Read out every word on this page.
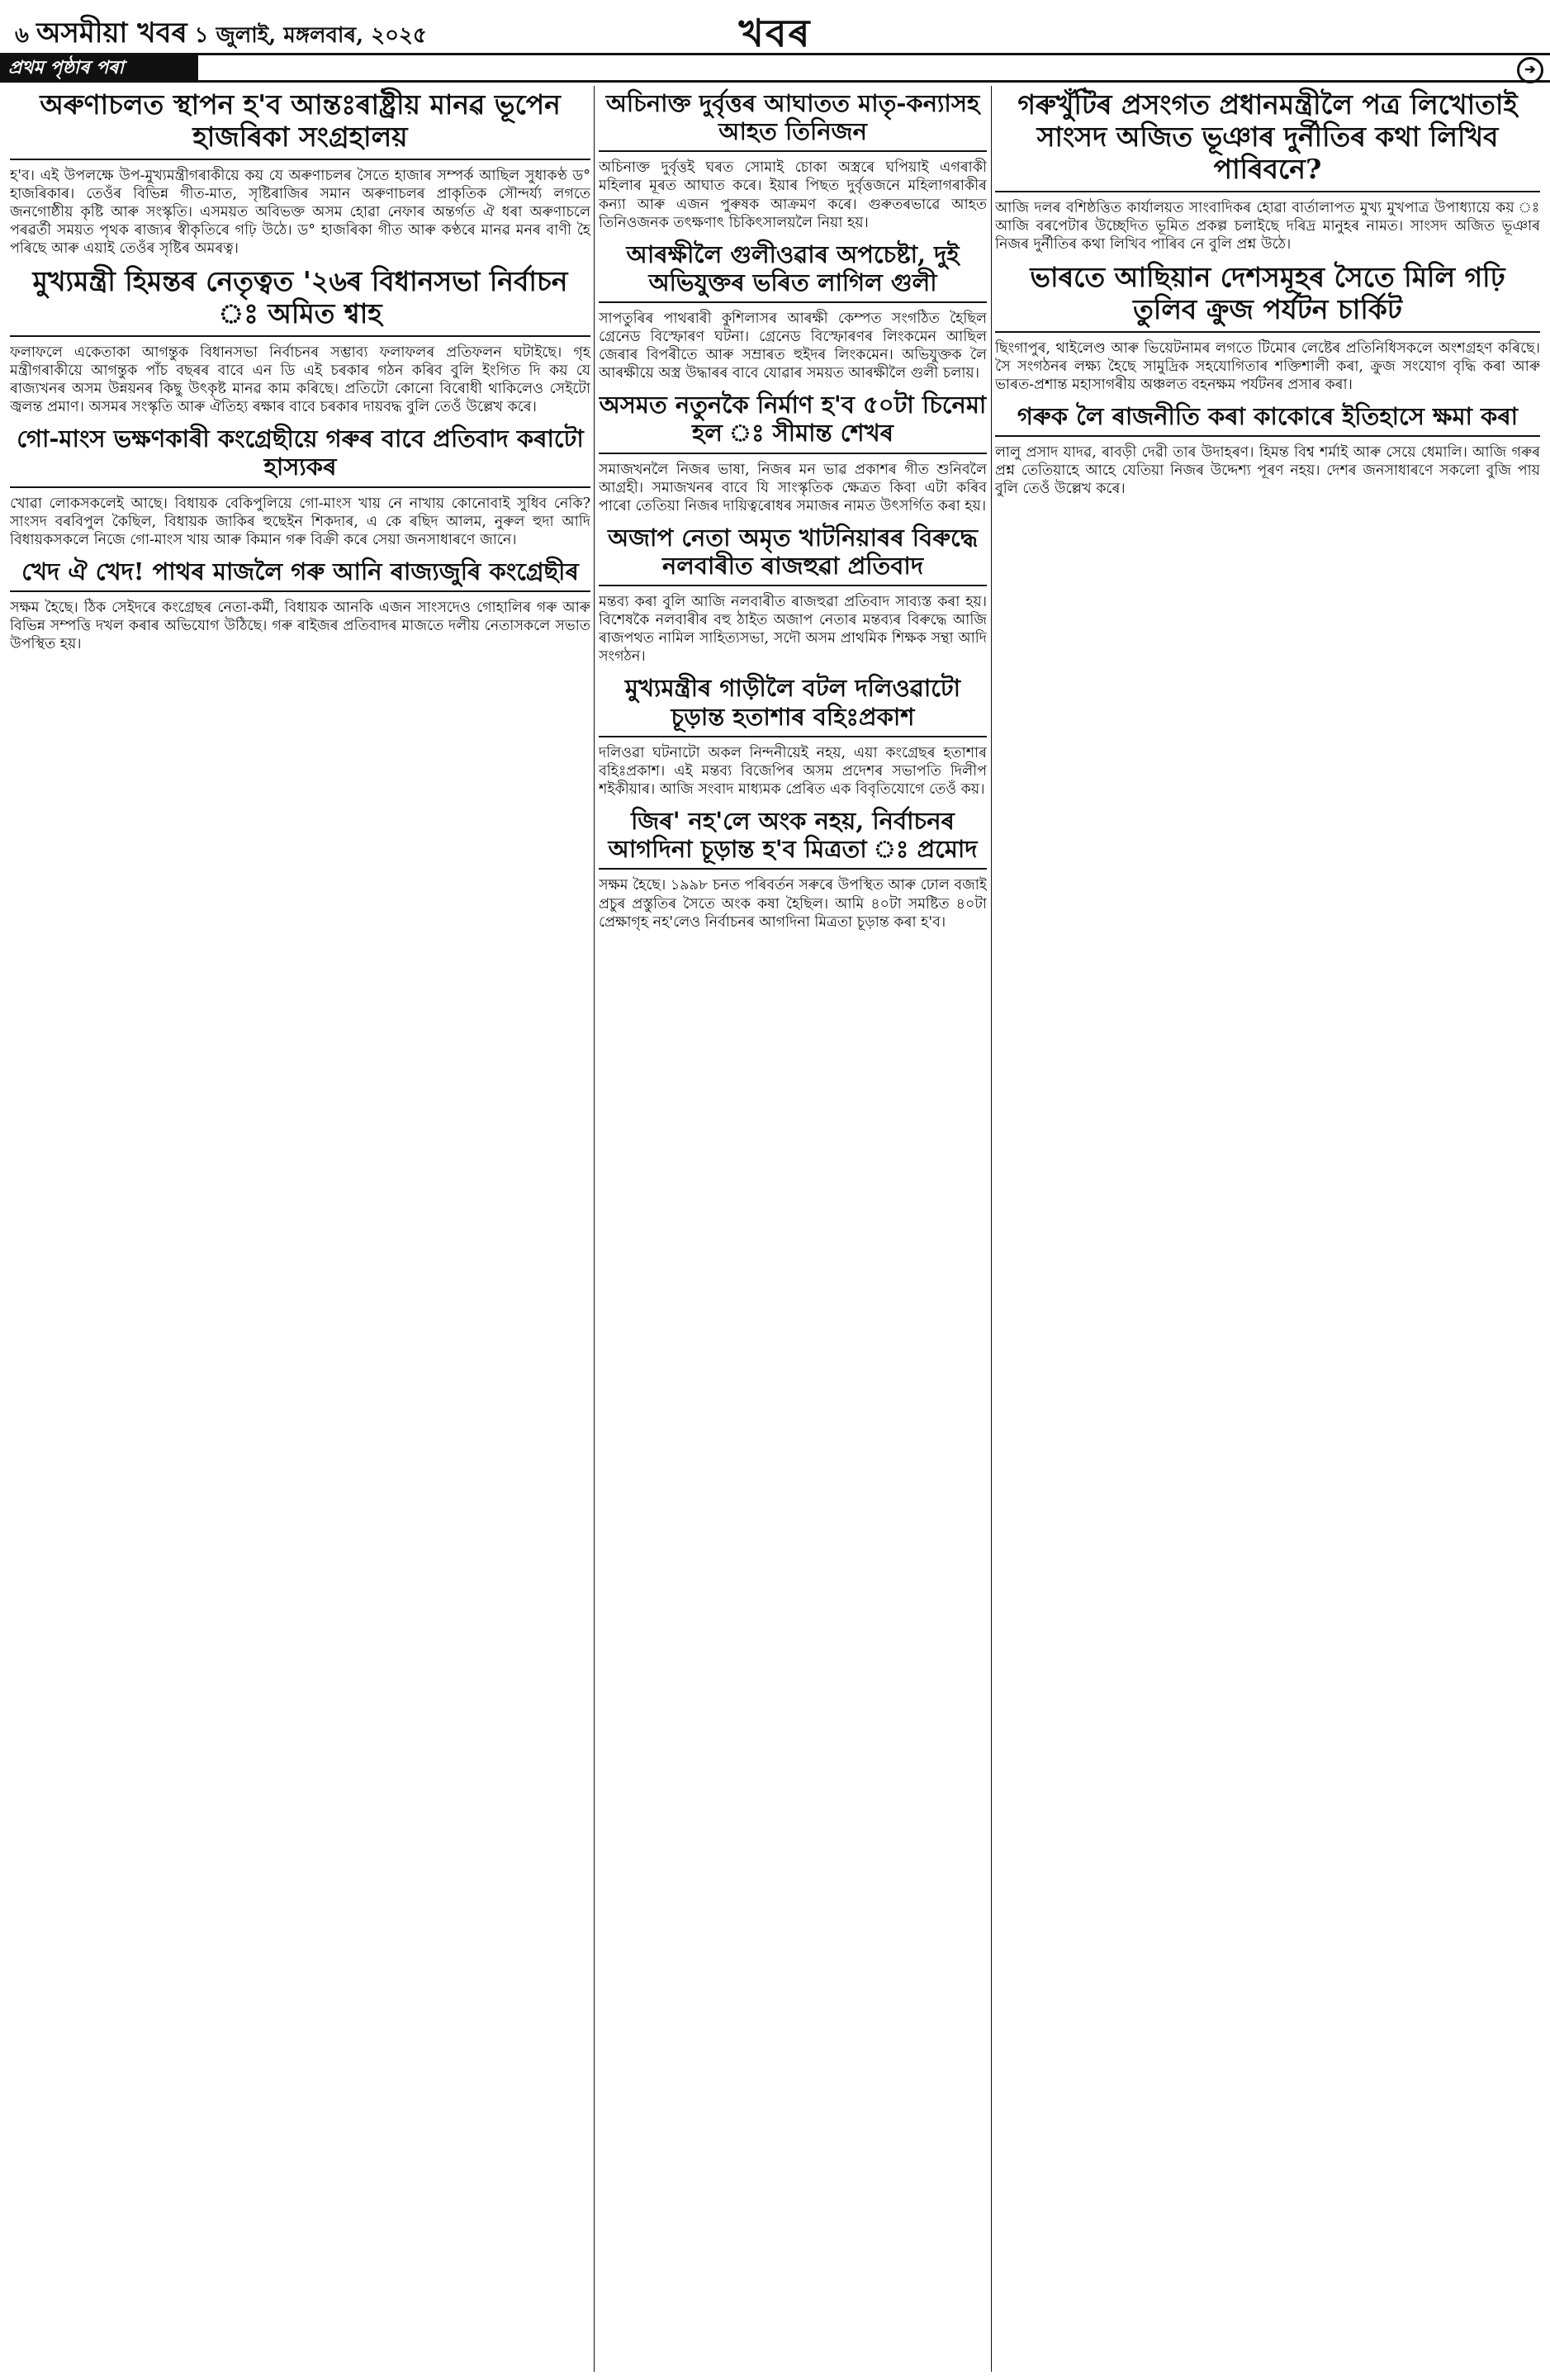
৬ অসমীয়া খবৰ ১ জুলাই, মঙ্গলবাৰ, ২০২৫	খবৰ
প্ৰথম পৃষ্ঠাৰ পৰা	➔
অৰুণাচলত স্থাপন হ'ব আন্তঃৰাষ্ট্ৰীয় মানৱ ভূপেন হাজৰিকা সংগ্ৰহালয়

হ'ব। এই উপলক্ষে উপ-মুখ্যমন্ত্ৰীগৰাকীয়ে কয় যে অৰুণাচলৰ সৈতে হাজাৰ সম্পৰ্ক আছিল সুধাকণ্ঠ ড° হাজৰিকাৰ। তেওঁৰ বিভিন্ন গীত-মাত, সৃষ্টিৰাজিৰ সমান অৰুণাচলৰ প্ৰাকৃতিক সৌন্দৰ্য্য লগতে জনগোষ্ঠীয় কৃষ্টি আৰু সংস্কৃতি। এসময়ত অবিভক্ত অসম হোৱা নেফাৰ অন্তৰ্গত ঐ ধৰা অৰুণাচলে পৰৱৰ্তী সময়ত পৃথক ৰাজ্যৰ স্বীকৃতিৰে গঢ়ি উঠে। ড° হাজৰিকা গীত আৰু কণ্ঠৰে মানৱ মনৰ বাণী হৈ পৰিছে আৰু এয়াই তেওঁৰ সৃষ্টিৰ অমৰত্ব।

মুখ্যমন্ত্ৰী হিমন্তৰ নেতৃত্বত '২৬ৰ বিধানসভা নিৰ্বাচন ঃ অমিত শ্বাহ

ফলাফলে একেতাকা আগন্তুক বিধানসভা নিৰ্বাচনৰ সম্ভাব্য ফলাফলৰ প্ৰতিফলন ঘটাইছে। গৃহ মন্ত্ৰীগৰাকীয়ে আগন্তুক পাঁচ বছৰৰ বাবে এন ডি এই চৰকাৰ গঠন কৰিব বুলি ইংগিত দি কয় যে ৰাজ্যখনৰ অসম উন্নয়নৰ কিছু উৎকৃষ্ট মানৱ কাম কৰিছে। প্ৰতিটো কোনো বিৰোধী থাকিলেও সেইটো জ্বলন্ত প্ৰমাণ। অসমৰ সংস্কৃতি আৰু ঐতিহ্য ৰক্ষাৰ বাবে চৰকাৰ দায়বদ্ধ বুলি তেওঁ উল্লেখ কৰে।

গো-মাংস ভক্ষণকাৰী কংগ্ৰেছীয়ে গৰুৰ বাবে প্ৰতিবাদ কৰাটো হাস্যকৰ

খোৱা লোকসকলেই আছে। বিধায়ক বেকিপুলিয়ে গো-মাংস খায় নে নাখায় কোনোবাই সুধিব নেকি? সাংসদ বৰবিপুল কৈছিল, বিধায়ক জাকিৰ হুছেইন শিকদাৰ, এ কে ৰছিদ আলম, নুৰুল হুদা আদি বিধায়কসকলে নিজে গো-মাংস খায় আৰু কিমান গৰু বিক্ৰী কৰে সেয়া জনসাধাৰণে জানে।

খেদ ঐ খেদ! পাথৰ মাজলৈ গৰু আনি ৰাজ্যজুৰি কংগ্ৰেছীৰ

সক্ষম হৈছে। ঠিক সেইদৰে কংগ্ৰেছৰ নেতা-কৰ্মী, বিধায়ক আনকি এজন সাংসদেও গোহালিৰ গৰু আৰু বিভিন্ন সম্পত্তি দখল কৰাৰ অভিযোগ উঠিছে। গৰু ৰাইজৰ প্ৰতিবাদৰ মাজতে দলীয় নেতাসকলে সভাত উপস্থিত হয়।

অচিনাক্ত দুৰ্বৃত্তৰ আঘাতত মাতৃ-কন্যাসহ আহত তিনিজন

অচিনাক্ত দুৰ্বৃত্তই ঘৰত সোমাই চোকা অস্ত্ৰৰে ঘপিয়াই এগৰাকী মহিলাৰ মূৰত আঘাত কৰে। ইয়াৰ পিছত দুৰ্বৃত্তজনে মহিলাগৰাকীৰ কন্যা আৰু এজন পুৰুষক আক্ৰমণ কৰে। গুৰুতৰভাৱে আহত তিনিওজনক তৎক্ষণাৎ চিকিৎসালয়লৈ নিয়া হয়।

আৰক্ষীলৈ গুলীওৱাৰ অপচেষ্টা, দুই অভিযুক্তৰ ভৰিত লাগিল গুলী

সাপতুৰিৰ পাথৰাৰী কুশিলাসৰ আৰক্ষী কেম্পত সংগঠিত হৈছিল গ্ৰেনেড বিস্ফোৰণ ঘটনা। গ্ৰেনেড বিস্ফোৰণৰ লিংকমেন আছিল জেৰাৰ বিপৰীতে আৰু সম্ৰাৰত হুইদৰ লিংকমেন। অভিযুক্তক লৈ আৰক্ষীয়ে অস্ত্ৰ উদ্ধাৰৰ বাবে যোৱাৰ সময়ত আৰক্ষীলৈ গুলী চলায়।

অসমত নতুনকৈ নিৰ্মাণ হ'ব ৫০টা চিনেমা হল ঃ সীমান্ত শেখৰ

সমাজখনলৈ নিজৰ ভাষা, নিজৰ মন ভাৱ প্ৰকাশৰ গীত শুনিবলৈ আগ্ৰহী। সমাজখনৰ বাবে যি সাংস্কৃতিক ক্ষেত্ৰত কিবা এটা কৰিব পাৰো তেতিয়া নিজৰ দায়িত্বৰোধৰ সমাজৰ নামত উৎসৰ্গিত কৰা হয়।

অজাপ নেতা অমৃত খাটনিয়াৰৰ বিৰুদ্ধে নলবাৰীত ৰাজহুৱা প্ৰতিবাদ

মন্তব্য কৰা বুলি আজি নলবাৰীত ৰাজহুৱা প্ৰতিবাদ সাব্যস্ত কৰা হয়। বিশেষকৈ নলবাৰীৰ বহু ঠাইত অজাপ নেতাৰ মন্তব্যৰ বিৰুদ্ধে আজি ৰাজপথত নামিল সাহিত্যসভা, সদৌ অসম প্ৰাথমিক শিক্ষক সন্থা আদি সংগঠন।

মুখ্যমন্ত্ৰীৰ গাড়ীলৈ বটল দলিওৱাটো চূড়ান্ত হতাশাৰ বহিঃপ্ৰকাশ

দলিওৱা ঘটনাটো অকল নিন্দনীয়েই নহয়, এয়া কংগ্ৰেছৰ হতাশাৰ বহিঃপ্ৰকাশ। এই মন্তব্য বিজেপিৰ অসম প্ৰদেশৰ সভাপতি দিলীপ শইকীয়াৰ। আজি সংবাদ মাধ্যমক প্ৰেৰিত এক বিবৃতিযোগে তেওঁ কয়।

জিৰ' নহ'লে অংক নহয়, নিৰ্বাচনৰ আগদিনা চূড়ান্ত হ'ব মিত্ৰতা ঃ প্ৰমোদ

সক্ষম হৈছে। ১৯৯৮ চনত পৰিবৰ্তন সৰুৰে উপস্থিত আৰু ঢোল বজাই প্ৰচুৰ প্ৰস্তুতিৰ সৈতে অংক কষা হৈছিল। আমি ৪০টা সমষ্টিত ৪০টা প্ৰেক্ষাগৃহ নহ'লেও নিৰ্বাচনৰ আগদিনা মিত্ৰতা চূড়ান্ত কৰা হ'ব।

গৰুখুঁটিৰ প্ৰসংগত প্ৰধানমন্ত্ৰীলৈ পত্ৰ লিখোতাই সাংসদ অজিত ভূঞাৰ দুৰ্নীতিৰ কথা লিখিব পাৰিবনে?

আজি দলৰ বশিষ্ঠত্তিত কাৰ্যালয়ত সাংবাদিকৰ হোৱা বাৰ্তালাপত মুখ্য মুখপাত্ৰ উপাধ্যায়ে কয় ঃ আজি বৰপেটাৰ উচ্ছেদিত ভূমিত প্ৰকল্প চলাইছে দৰিদ্ৰ মানুহৰ নামত। সাংসদ অজিত ভূঞাৰ নিজৰ দুৰ্নীতিৰ কথা লিখিব পাৰিব নে বুলি প্ৰশ্ন উঠে।

ভাৰতে আছিয়ান দেশসমূহৰ সৈতে মিলি গঢ়ি তুলিব ক্ৰুজ পৰ্যটন চাৰ্কিট

ছিংগাপুৰ, থাইলেণ্ড আৰু ভিয়েটনামৰ লগতে টিমোৰ লেষ্টেৰ প্ৰতিনিধিসকলে অংশগ্ৰহণ কৰিছে। সৈ সংগঠনৰ লক্ষ্য হৈছে সামুদ্ৰিক সহযোগিতাৰ শক্তিশালী কৰা, ক্ৰুজ সংযোগ বৃদ্ধি কৰা আৰু ভাৰত-প্ৰশান্ত মহাসাগৰীয় অঞ্চলত বহনক্ষম পৰ্যটনৰ প্ৰসাৰ কৰা।

গৰুক লৈ ৰাজনীতি কৰা কাকোৰে ইতিহাসে ক্ষমা কৰা

লালু প্ৰসাদ যাদৱ, ৰাবড়ী দেৱী তাৰ উদাহৰণ। হিমন্ত বিশ্ব শৰ্মাই আৰু সেয়ে ধেমালি। আজি গৰুৰ প্ৰশ্ন তেতিয়াহে আহে যেতিয়া নিজৰ উদ্দেশ্য পূৰণ নহয়। দেশৰ জনসাধাৰণে সকলো বুজি পায় বুলি তেওঁ উল্লেখ কৰে।
